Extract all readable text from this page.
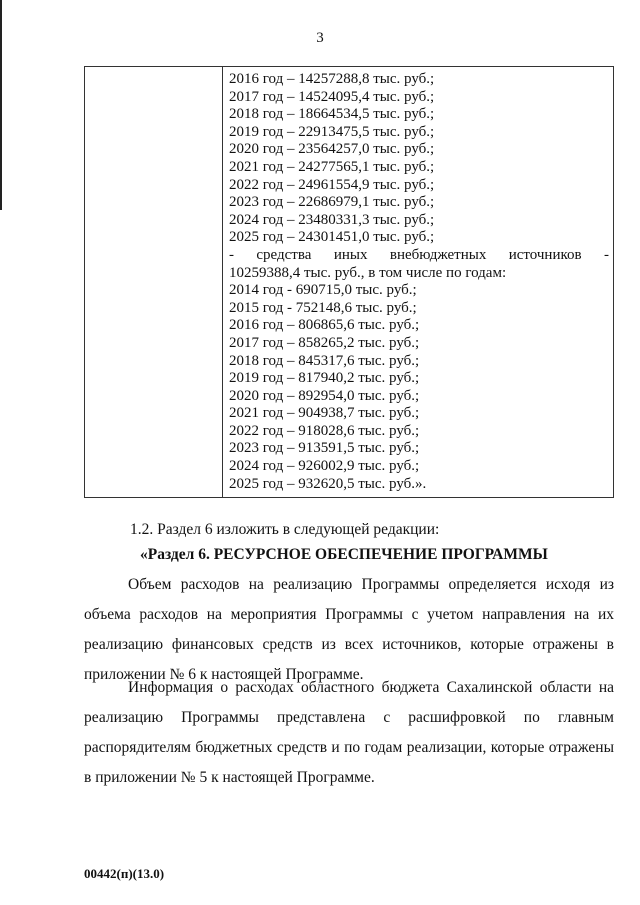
3

2016 год – 14257288,8 тыс. руб.;
2017 год – 14524095,4 тыс. руб.;
2018 год – 18664534,5 тыс. руб.;
2019 год – 22913475,5 тыс. руб.;
2020 год – 23564257,0 тыс. руб.;
2021 год – 24277565,1 тыс. руб.;
2022 год – 24961554,9 тыс. руб.;
2023 год – 22686979,1 тыс. руб.;
2024 год – 23480331,3 тыс. руб.;
2025 год – 24301451,0 тыс. руб.;
- средства иных внебюджетных источников -
10259388,4 тыс. руб., в том числе по годам:
2014 год - 690715,0 тыс. руб.;
2015 год - 752148,6 тыс. руб.;
2016 год – 806865,6 тыс. руб.;
2017 год – 858265,2 тыс. руб.;
2018 год – 845317,6 тыс. руб.;
2019 год – 817940,2 тыс. руб.;
2020 год – 892954,0 тыс. руб.;
2021 год – 904938,7 тыс. руб.;
2022 год – 918028,6 тыс. руб.;
2023 год – 913591,5 тыс. руб.;
2024 год – 926002,9 тыс. руб.;
2025 год – 932620,5 тыс. руб.».
1.2. Раздел 6 изложить в следующей редакции:
«Раздел 6. РЕСУРСНОЕ ОБЕСПЕЧЕНИЕ ПРОГРАММЫ
Объем расходов на реализацию Программы определяется исходя из объема расходов на мероприятия Программы с учетом направления на их реализацию финансовых средств из всех источников, которые отражены в приложении № 6 к настоящей Программе.
Информация о расходах областного бюджета Сахалинской области на реализацию Программы представлена с расшифровкой по главным распорядителям бюджетных средств и по годам реализации, которые отражены в приложении № 5 к настоящей Программе.
00442(п)(13.0)
